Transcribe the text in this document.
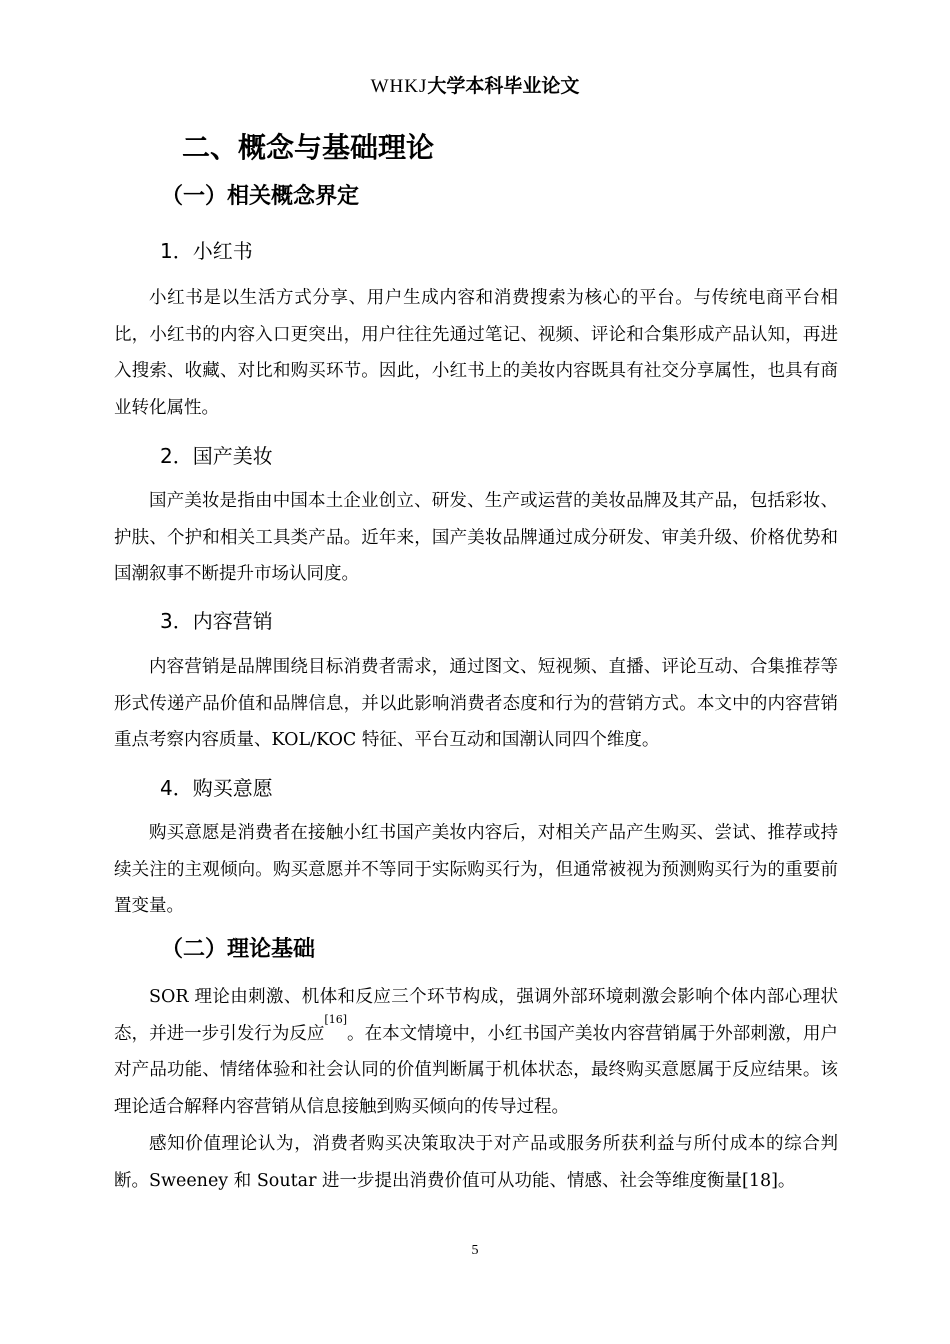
WHKJ大学本科毕业论文
二、概念与基础理论
（一）相关概念界定
1．小红书
小红书是以生活方式分享、用户生成内容和消费搜索为核心的平台。与传统电商平台相比，小红书的内容入口更突出，用户往往先通过笔记、视频、评论和合集形成产品认知，再进入搜索、收藏、对比和购买环节。因此，小红书上的美妆内容既具有社交分享属性，也具有商业转化属性。
2．国产美妆
国产美妆是指由中国本土企业创立、研发、生产或运营的美妆品牌及其产品，包括彩妆、护肤、个护和相关工具类产品。近年来，国产美妆品牌通过成分研发、审美升级、价格优势和国潮叙事不断提升市场认同度。
3．内容营销
内容营销是品牌围绕目标消费者需求，通过图文、短视频、直播、评论互动、合集推荐等形式传递产品价值和品牌信息，并以此影响消费者态度和行为的营销方式。本文中的内容营销重点考察内容质量、KOL/KOC 特征、平台互动和国潮认同四个维度。
4．购买意愿
购买意愿是消费者在接触小红书国产美妆内容后，对相关产品产生购买、尝试、推荐或持续关注的主观倾向。购买意愿并不等同于实际购买行为，但通常被视为预测购买行为的重要前置变量。
（二）理论基础
SOR 理论由刺激、机体和反应三个环节构成，强调外部环境刺激会影响个体内部心理状态，并进一步引发行为反应[16]。在本文情境中，小红书国产美妆内容营销属于外部刺激，用户对产品功能、情绪体验和社会认同的价值判断属于机体状态，最终购买意愿属于反应结果。该理论适合解释内容营销从信息接触到购买倾向的传导过程。
感知价值理论认为，消费者购买决策取决于对产品或服务所获利益与所付成本的综合判断。Sweeney 和 Soutar 进一步提出消费价值可从功能、情感、社会等维度衡量[18]。
5
